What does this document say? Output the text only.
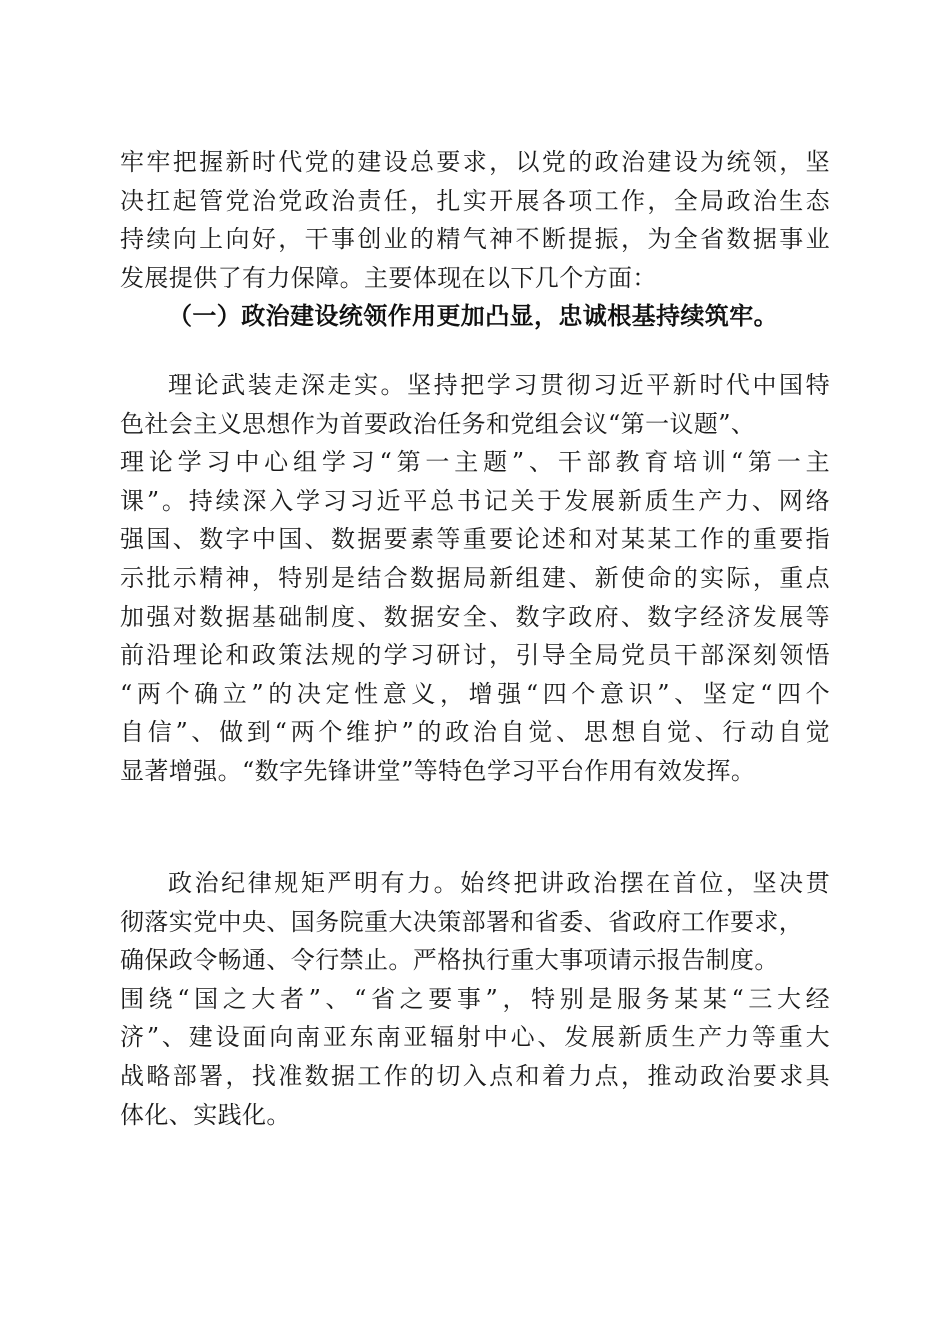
牢牢把握新时代党的建设总要求，以党的政治建设为统领，坚
决扛起管党治党政治责任，扎实开展各项工作，全局政治生态
持续向上向好，干事创业的精气神不断提振，为全省数据事业
发展提供了有力保障。主要体现在以下几个方面：
（一）政治建设统领作用更加凸显，忠诚根基持续筑牢。
理论武装走深走实。坚持把学习贯彻习近平新时代中国特
色社会主义思想作为首要政治任务和党组会议“第一议题”、
理论学习中心组学习“第一主题”、干部教育培训“第一主
课”。持续深入学习习近平总书记关于发展新质生产力、网络
强国、数字中国、数据要素等重要论述和对某某工作的重要指
示批示精神，特别是结合数据局新组建、新使命的实际，重点
加强对数据基础制度、数据安全、数字政府、数字经济发展等
前沿理论和政策法规的学习研讨，引导全局党员干部深刻领悟
“两个确立”的决定性意义，增强“四个意识”、坚定“四个
自信”、做到“两个维护”的政治自觉、思想自觉、行动自觉
显著增强。“数字先锋讲堂”等特色学习平台作用有效发挥。
政治纪律规矩严明有力。始终把讲政治摆在首位，坚决贯
彻落实党中央、国务院重大决策部署和省委、省政府工作要求，
确保政令畅通、令行禁止。严格执行重大事项请示报告制度。
围绕“国之大者”、“省之要事”，特别是服务某某“三大经
济”、建设面向南亚东南亚辐射中心、发展新质生产力等重大
战略部署，找准数据工作的切入点和着力点，推动政治要求具
体化、实践化。
